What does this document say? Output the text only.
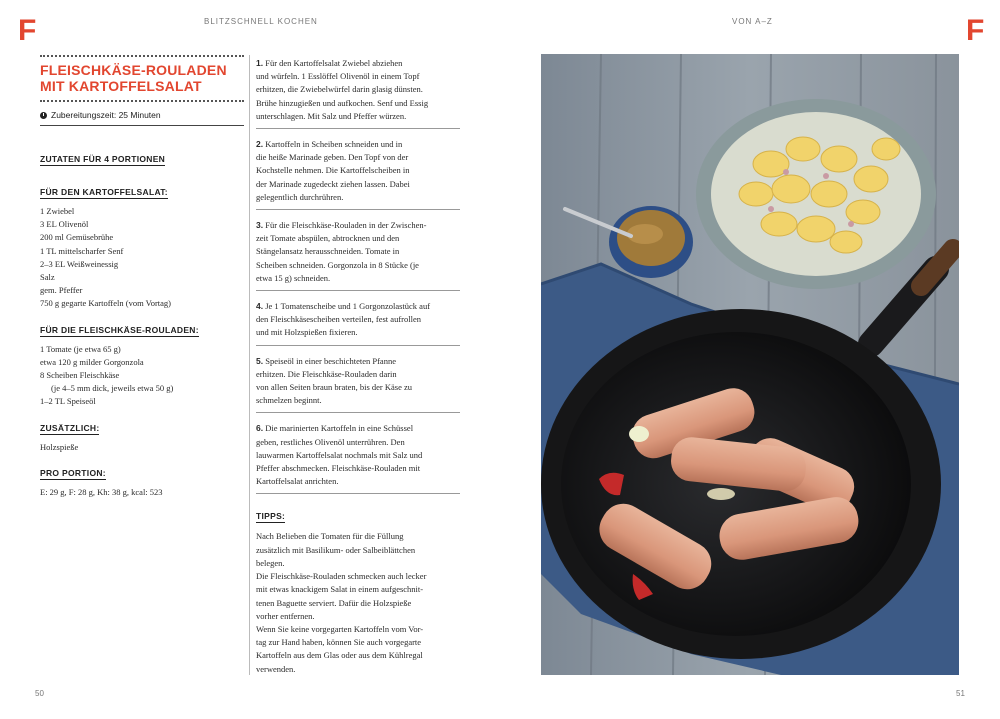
F	BLITZSCHNELL KOCHEN	VON A–Z	F
FLEISCHKÄSE-ROULADEN
MIT KARTOFFELSALAT
Zubereitungszeit: 25 Minuten
ZUTATEN FÜR 4 PORTIONEN
FÜR DEN KARTOFFELSALAT:
1 Zwiebel
3 EL Olivenöl
200 ml Gemüsebrühe
1 TL mittelscharfer Senf
2–3 EL Weißweinessig
Salz
gem. Pfeffer
750 g gegarte Kartoffeln (vom Vortag)
FÜR DIE FLEISCHKÄSE-ROULADEN:
1 Tomate (je etwa 65 g)
etwa 120 g milder Gorgonzola
8 Scheiben Fleischkäse
(je 4–5 mm dick, jeweils etwa 50 g)
1–2 TL Speiseöl
ZUSÄTZLICH:
Holzspieße
PRO PORTION:
E: 29 g, F: 28 g, Kh: 38 g, kcal: 523
1. Für den Kartoffelsalat Zwiebel abziehen
und würfeln. 1 Esslöffel Olivenöl in einem Topf
erhitzen, die Zwiebelwürfel darin glasig dünsten.
Brühe hinzugießen und aufkochen. Senf und Essig
unterschlagen. Mit Salz und Pfeffer würzen.
2. Kartoffeln in Scheiben schneiden und in
die heiße Marinade geben. Den Topf von der
Kochstelle nehmen. Die Kartoffelscheiben in
der Marinade zugedeckt ziehen lassen. Dabei
gelegentlich durchrühren.
3. Für die Fleischkäse-Rouladen in der Zwischen-
zeit Tomate abspülen, abtrocknen und den
Stängelansatz herausschneiden. Tomate in
Scheiben schneiden. Gorgonzola in 8 Stücke (je
etwa 15 g) schneiden.
4. Je 1 Tomatenscheibe und 1 Gorgonzolastück auf
den Fleischkäsescheiben verteilen, fest aufrollen
und mit Holzspießen fixieren.
5. Speiseöl in einer beschichteten Pfanne
erhitzen. Die Fleischkäse-Rouladen darin
von allen Seiten braun braten, bis der Käse zu
schmelzen beginnt.
6. Die marinierten Kartoffeln in eine Schüssel
geben, restliches Olivenöl unterrühren. Den
lauwarmen Kartoffelsalat nochmals mit Salz und
Pfeffer abschmecken. Fleischkäse-Rouladen mit
Kartoffelsalat anrichten.
TIPPS:
Nach Belieben die Tomaten für die Füllung
zusätzlich mit Basilikum- oder Salbeiblättchen
belegen.
Die Fleischkäse-Rouladen schmecken auch lecker
mit etwas knackigem Salat in einem aufgeschnit-
tenen Baguette serviert. Dafür die Holzspieße
vorher entfernen.
Wenn Sie keine vorgegarten Kartoffeln vom Vor-
tag zur Hand haben, können Sie auch vorgegarte
Kartoffeln aus dem Glas oder aus dem Kühlregal
verwenden.
50	51
